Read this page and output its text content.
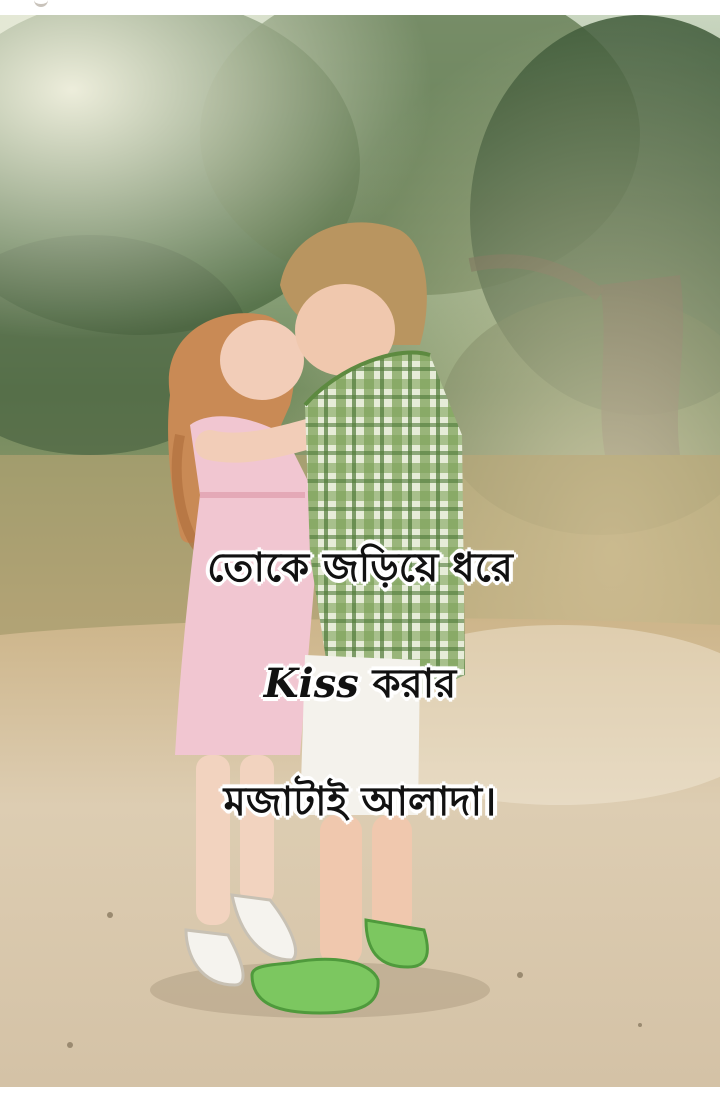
তোকে জড়িয়ে ধরে
Kiss করার
মজাটাই আলাদা।
